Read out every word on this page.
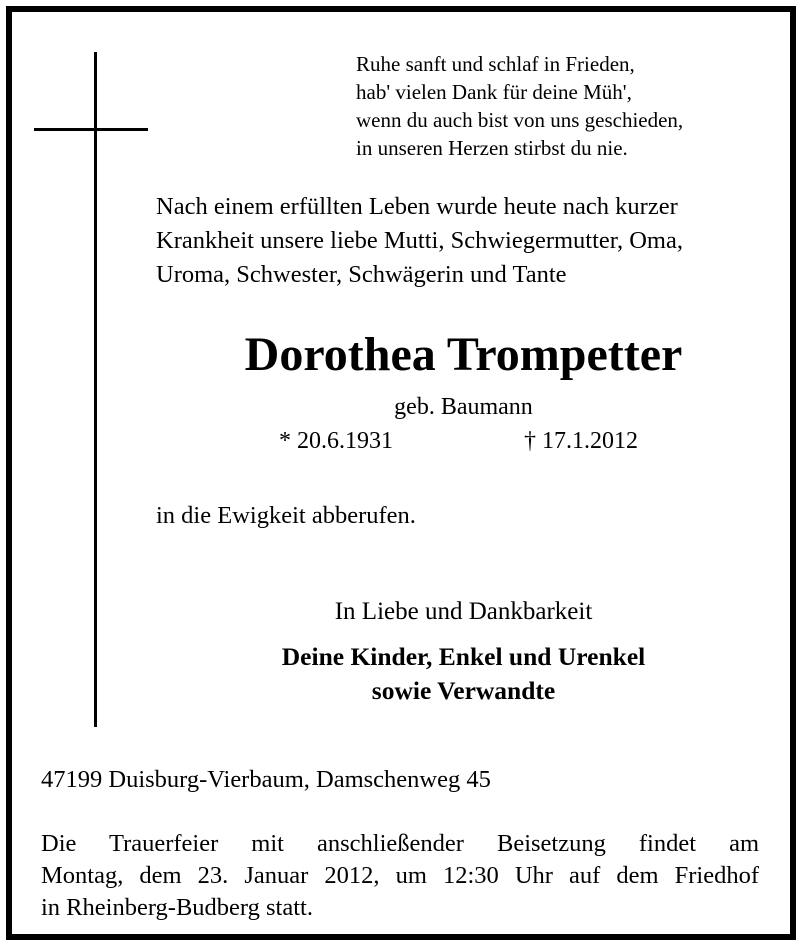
Ruhe sanft und schlaf in Frieden,
hab' vielen Dank für deine Müh',
wenn du auch bist von uns geschieden,
in unseren Herzen stirbst du nie.
Nach einem erfüllten Leben wurde heute nach kurzer
Krankheit unsere liebe Mutti, Schwiegermutter, Oma,
Uroma, Schwester, Schwägerin und Tante
Dorothea Trompetter
geb. Baumann
* 20.6.1931	† 17.1.2012
in die Ewigkeit abberufen.
In Liebe und Dankbarkeit
Deine Kinder, Enkel und Urenkel
sowie Verwandte
47199 Duisburg-Vierbaum, Damschenweg 45
Die Trauerfeier mit anschließender Beisetzung findet am
Montag, dem 23. Januar 2012, um 12:30 Uhr auf dem Friedhof
in Rheinberg-Budberg statt.
